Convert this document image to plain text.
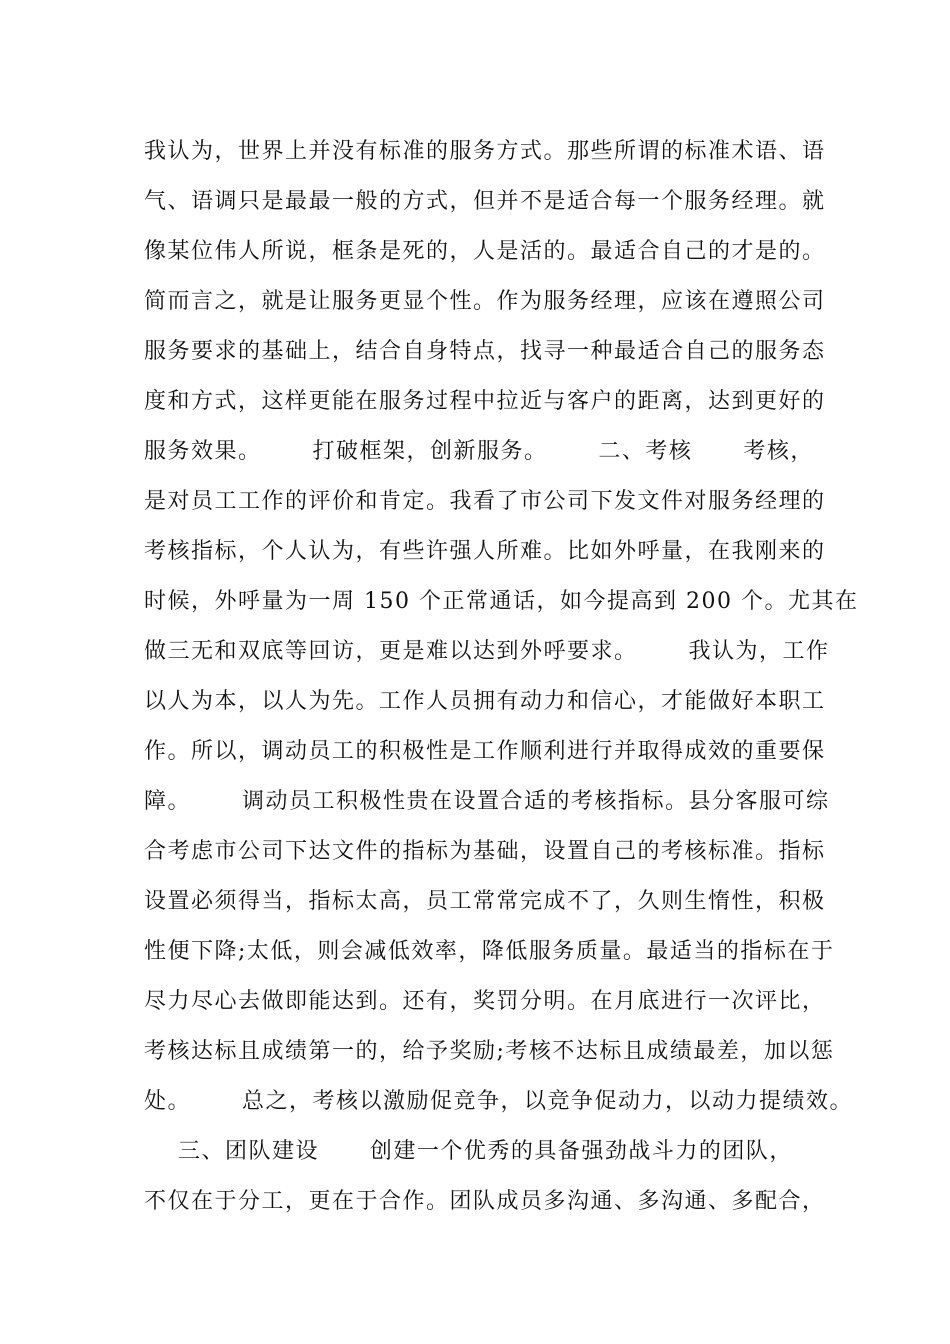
我认为，世界上并没有标准的服务方式。那些所谓的标准术语、语
气、语调只是最最一般的方式，但并不是适合每一个服务经理。就
像某位伟人所说，框条是死的，人是活的。最适合自己的才是的。
简而言之，就是让服务更显个性。作为服务经理，应该在遵照公司
服务要求的基础上，结合自身特点，找寻一种最适合自己的服务态
度和方式，这样更能在服务过程中拉近与客户的距离，达到更好的
服务效果。      打破框架，创新服务。      二、考核      考核，
是对员工工作的评价和肯定。我看了市公司下发文件对服务经理的
考核指标，个人认为，有些许强人所难。比如外呼量，在我刚来的
时候，外呼量为一周 150 个正常通话，如今提高到 200 个。尤其在
做三无和双底等回访，更是难以达到外呼要求。      我认为，工作
以人为本，以人为先。工作人员拥有动力和信心，才能做好本职工
作。所以，调动员工的积极性是工作顺利进行并取得成效的重要保
障。      调动员工积极性贵在设置合适的考核指标。县分客服可综
合考虑市公司下达文件的指标为基础，设置自己的考核标准。指标
设置必须得当，指标太高，员工常常完成不了，久则生惰性，积极
性便下降;太低，则会减低效率，降低服务质量。最适当的指标在于
尽力尽心去做即能达到。还有，奖罚分明。在月底进行一次评比，
考核达标且成绩第一的，给予奖励;考核不达标且成绩最差，加以惩
处。      总之，考核以激励促竞争，以竞争促动力，以动力提绩效。
三、团队建设      创建一个优秀的具备强劲战斗力的团队，
不仅在于分工，更在于合作。团队成员多沟通、多沟通、多配合，
